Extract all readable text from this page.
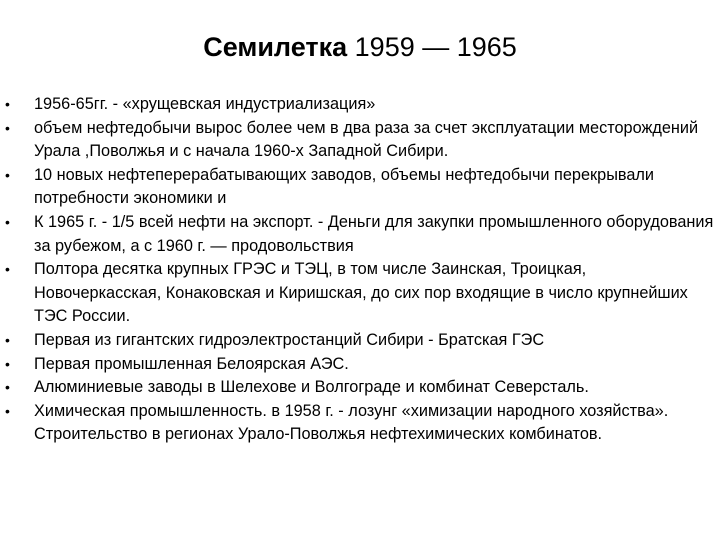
Семилетка 1959 — 1965
• 1956-65гг. - «хрущевская индустриализация»
• объем нефтедобычи вырос более чем в два раза за счет эксплуатации месторождений Урала ,Поволжья и с начала 1960-х Западной Сибири.
• 10 новых нефтеперерабатывающих заводов, объемы нефтедобычи перекрывали потребности экономики и
• К 1965 г. - 1/5 всей нефти на экспорт. - Деньги для закупки промышленного оборудования за рубежом, а с 1960 г. — продовольствия
• Полтора десятка крупных ГРЭС и ТЭЦ, в том числе Заинская, Троицкая, Новочеркасская, Конаковская и Киришская, до сих пор входящие в число крупнейших ТЭС России.
• Первая из гигантских гидроэлектростанций Сибири - Братская ГЭС
• Первая промышленная Белоярская АЭС.
• Алюминиевые заводы в Шелехове и Волгограде и комбинат Северсталь.
• Химическая промышленность. в 1958 г. - лозунг «химизации народного хозяйства». Строительство в регионах Урало-Поволжья нефтехимических комбинатов.
